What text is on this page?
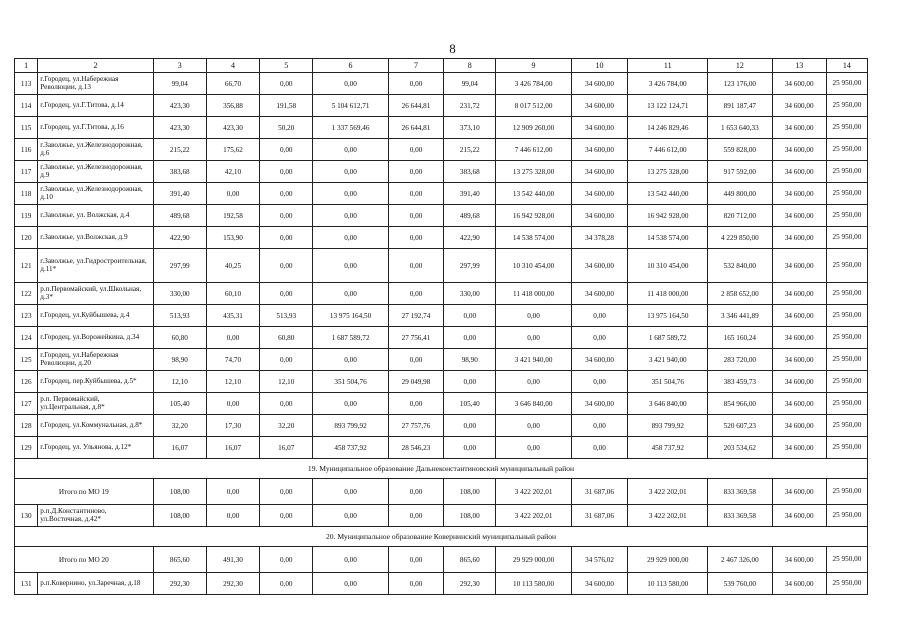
8
1	2	3	4	5	6	7	8	9	10	11	12	13	14
113	г.Городец, ул.Набережная Революции, д.13	99,04	66,70	0,00	0,00	0,00	99,04	3 426 784,00	34 600,00	3 426 784,00	123 176,00	34 600,00	25 950,00
114	г.Городец, ул.Г.Титова, д.14	423,30	356,88	191,58	5 104 612,71	26 644,81	231,72	8 017 512,00	34 600,00	13 122 124,71	891 187,47	34 600,00	25 950,00
115	г.Городец, ул.Г.Титова, д.16	423,30	423,30	50,20	1 337 569,46	26 644,81	373,10	12 909 260,00	34 600,00	14 246 829,46	1 653 640,33	34 600,00	25 950,00
116	г.Заволжье, ул.Железнодорожная, д.6	215,22	175,62	0,00	0,00	0,00	215,22	7 446 612,00	34 600,00	7 446 612,00	559 828,00	34 600,00	25 950,00
117	г.Заволжье, ул.Железнодорожная, д.9	383,68	42,10	0,00	0,00	0,00	383,68	13 275 328,00	34 600,00	13 275 328,00	917 592,00	34 600,00	25 950,00
118	г.Заволжье, ул.Железнодорожная, д.10	391,40	0,00	0,00	0,00	0,00	391,40	13 542 440,00	34 600,00	13 542 440,00	449 800,00	34 600,00	25 950,00
119	г.Заволжье, ул. Волжская, д.4	489,68	192,58	0,00	0,00	0,00	489,68	16 942 928,00	34 600,00	16 942 928,00	820 712,00	34 600,00	25 950,00
120	г.Заволжье, ул.Волжская, д.9	422,90	153,90	0,00	0,00	0,00	422,90	14 538 574,00	34 378,28	14 538 574,00	4 229 850,00	34 600,00	25 950,00
121	г.Заволжье, ул.Гидростроительная, д.11*	297,99	40,25	0,00	0,00	0,00	297,99	10 310 454,00	34 600,00	10 310 454,00	532 840,00	34 600,00	25 950,00
122	р.п.Первомайский, ул.Школьная, д.3*	330,00	60,10	0,00	0,00	0,00	330,00	11 418 000,00	34 600,00	11 418 000,00	2 858 652,00	34 600,00	25 950,00
123	г.Городец, ул.Куйбышева, д.4	513,93	435,31	513,93	13 975 164,50	27 192,74	0,00	0,00	0,00	13 975 164,50	3 346 441,89	34 600,00	25 950,00
124	г.Городец, ул.Ворожейкина, д.34	60,80	0,00	60,80	1 687 589,72	27 756,41	0,00	0,00	0,00	1 687 589,72	165 160,24	34 600,00	25 950,00
125	г.Городец, ул.Набережная Революции, д.20	98,90	74,70	0,00	0,00	0,00	98,90	3 421 940,00	34 600,00	3 421 940,00	283 720,00	34 600,00	25 950,00
126	г.Городец, пер.Куйбышева, д.5*	12,10	12,10	12,10	351 504,76	29 049,98	0,00	0,00	0,00	351 504,76	383 459,73	34 600,00	25 950,00
127	р.п. Первомайский, ул.Центральная, д.8*	105,40	0,00	0,00	0,00	0,00	105,40	3 646 840,00	34 600,00	3 646 840,00	854 966,00	34 600,00	25 950,00
128	г.Городец, ул.Коммунальная, д.8*	32,20	17,30	32,20	893 799,92	27 757,76	0,00	0,00	0,00	893 799,92	520 607,23	34 600,00	25 950,00
129	г.Городец, ул. Ульянова, д.12*	16,07	16,07	16,07	458 737,92	28 546,23	0,00	0,00	0,00	458 737,92	203 534,62	34 600,00	25 950,00
19. Муниципальное образование Дальнеконстантиновский муниципальный район													
Итого по МО 19		108,00	0,00	0,00	0,00	0,00	108,00	3 422 202,01	31 687,06	3 422 202,01	833 369,58	34 600,00	25 950,00
130	р.п.Д.Константиново, ул.Восточная, д.42*	108,00	0,00	0,00	0,00	0,00	108,00	3 422 202,01	31 687,06	3 422 202,01	833 369,58	34 600,00	25 950,00
20. Муниципальное образование Ковернинский муниципальный район													
Итого по МО 20		865,60	491,30	0,00	0,00	0,00	865,60	29 929 000,00	34 576,02	29 929 000,00	2 467 326,00	34 600,00	25 950,00
131	р.п.Ковернино, ул.Заречная, д.18	292,30	292,30	0,00	0,00	0,00	292,30	10 113 580,00	34 600,00	10 113 580,00	539 760,00	34 600,00	25 950,00
